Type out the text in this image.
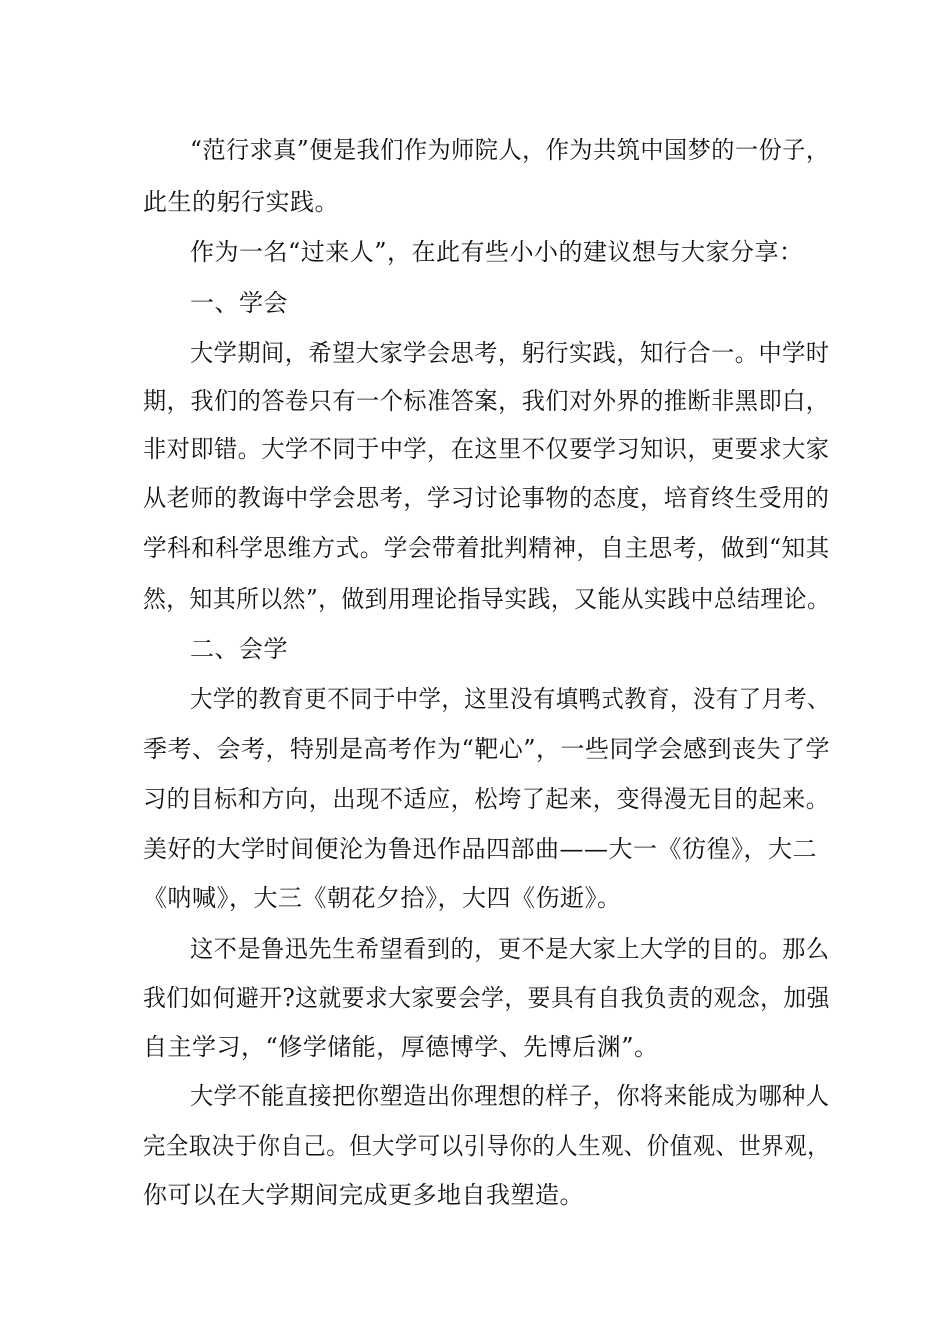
“范行求真”便是我们作为师院人，作为共筑中国梦的一份子，

此生的躬行实践。

作为一名“过来人”，在此有些小小的建议想与大家分享：

一、学会

大学期间，希望大家学会思考，躬行实践，知行合一。中学时

期，我们的答卷只有一个标准答案，我们对外界的推断非黑即白，

非对即错。大学不同于中学，在这里不仅要学习知识，更要求大家

从老师的教诲中学会思考，学习讨论事物的态度，培育终生受用的

学科和科学思维方式。学会带着批判精神，自主思考，做到“知其

然，知其所以然”，做到用理论指导实践，又能从实践中总结理论。

二、会学

大学的教育更不同于中学，这里没有填鸭式教育，没有了月考、

季考、会考，特别是高考作为“靶心”，一些同学会感到丧失了学

习的目标和方向，出现不适应，松垮了起来，变得漫无目的起来。

美好的大学时间便沦为鲁迅作品四部曲——大一《彷徨》，大二

《呐喊》，大三《朝花夕拾》，大四《伤逝》。

这不是鲁迅先生希望看到的，更不是大家上大学的目的。那么

我们如何避开?这就要求大家要会学，要具有自我负责的观念，加强

自主学习，“修学储能，厚德博学、先博后渊”。

大学不能直接把你塑造出你理想的样子，你将来能成为哪种人

完全取决于你自己。但大学可以引导你的人生观、价值观、世界观，

你可以在大学期间完成更多地自我塑造。
